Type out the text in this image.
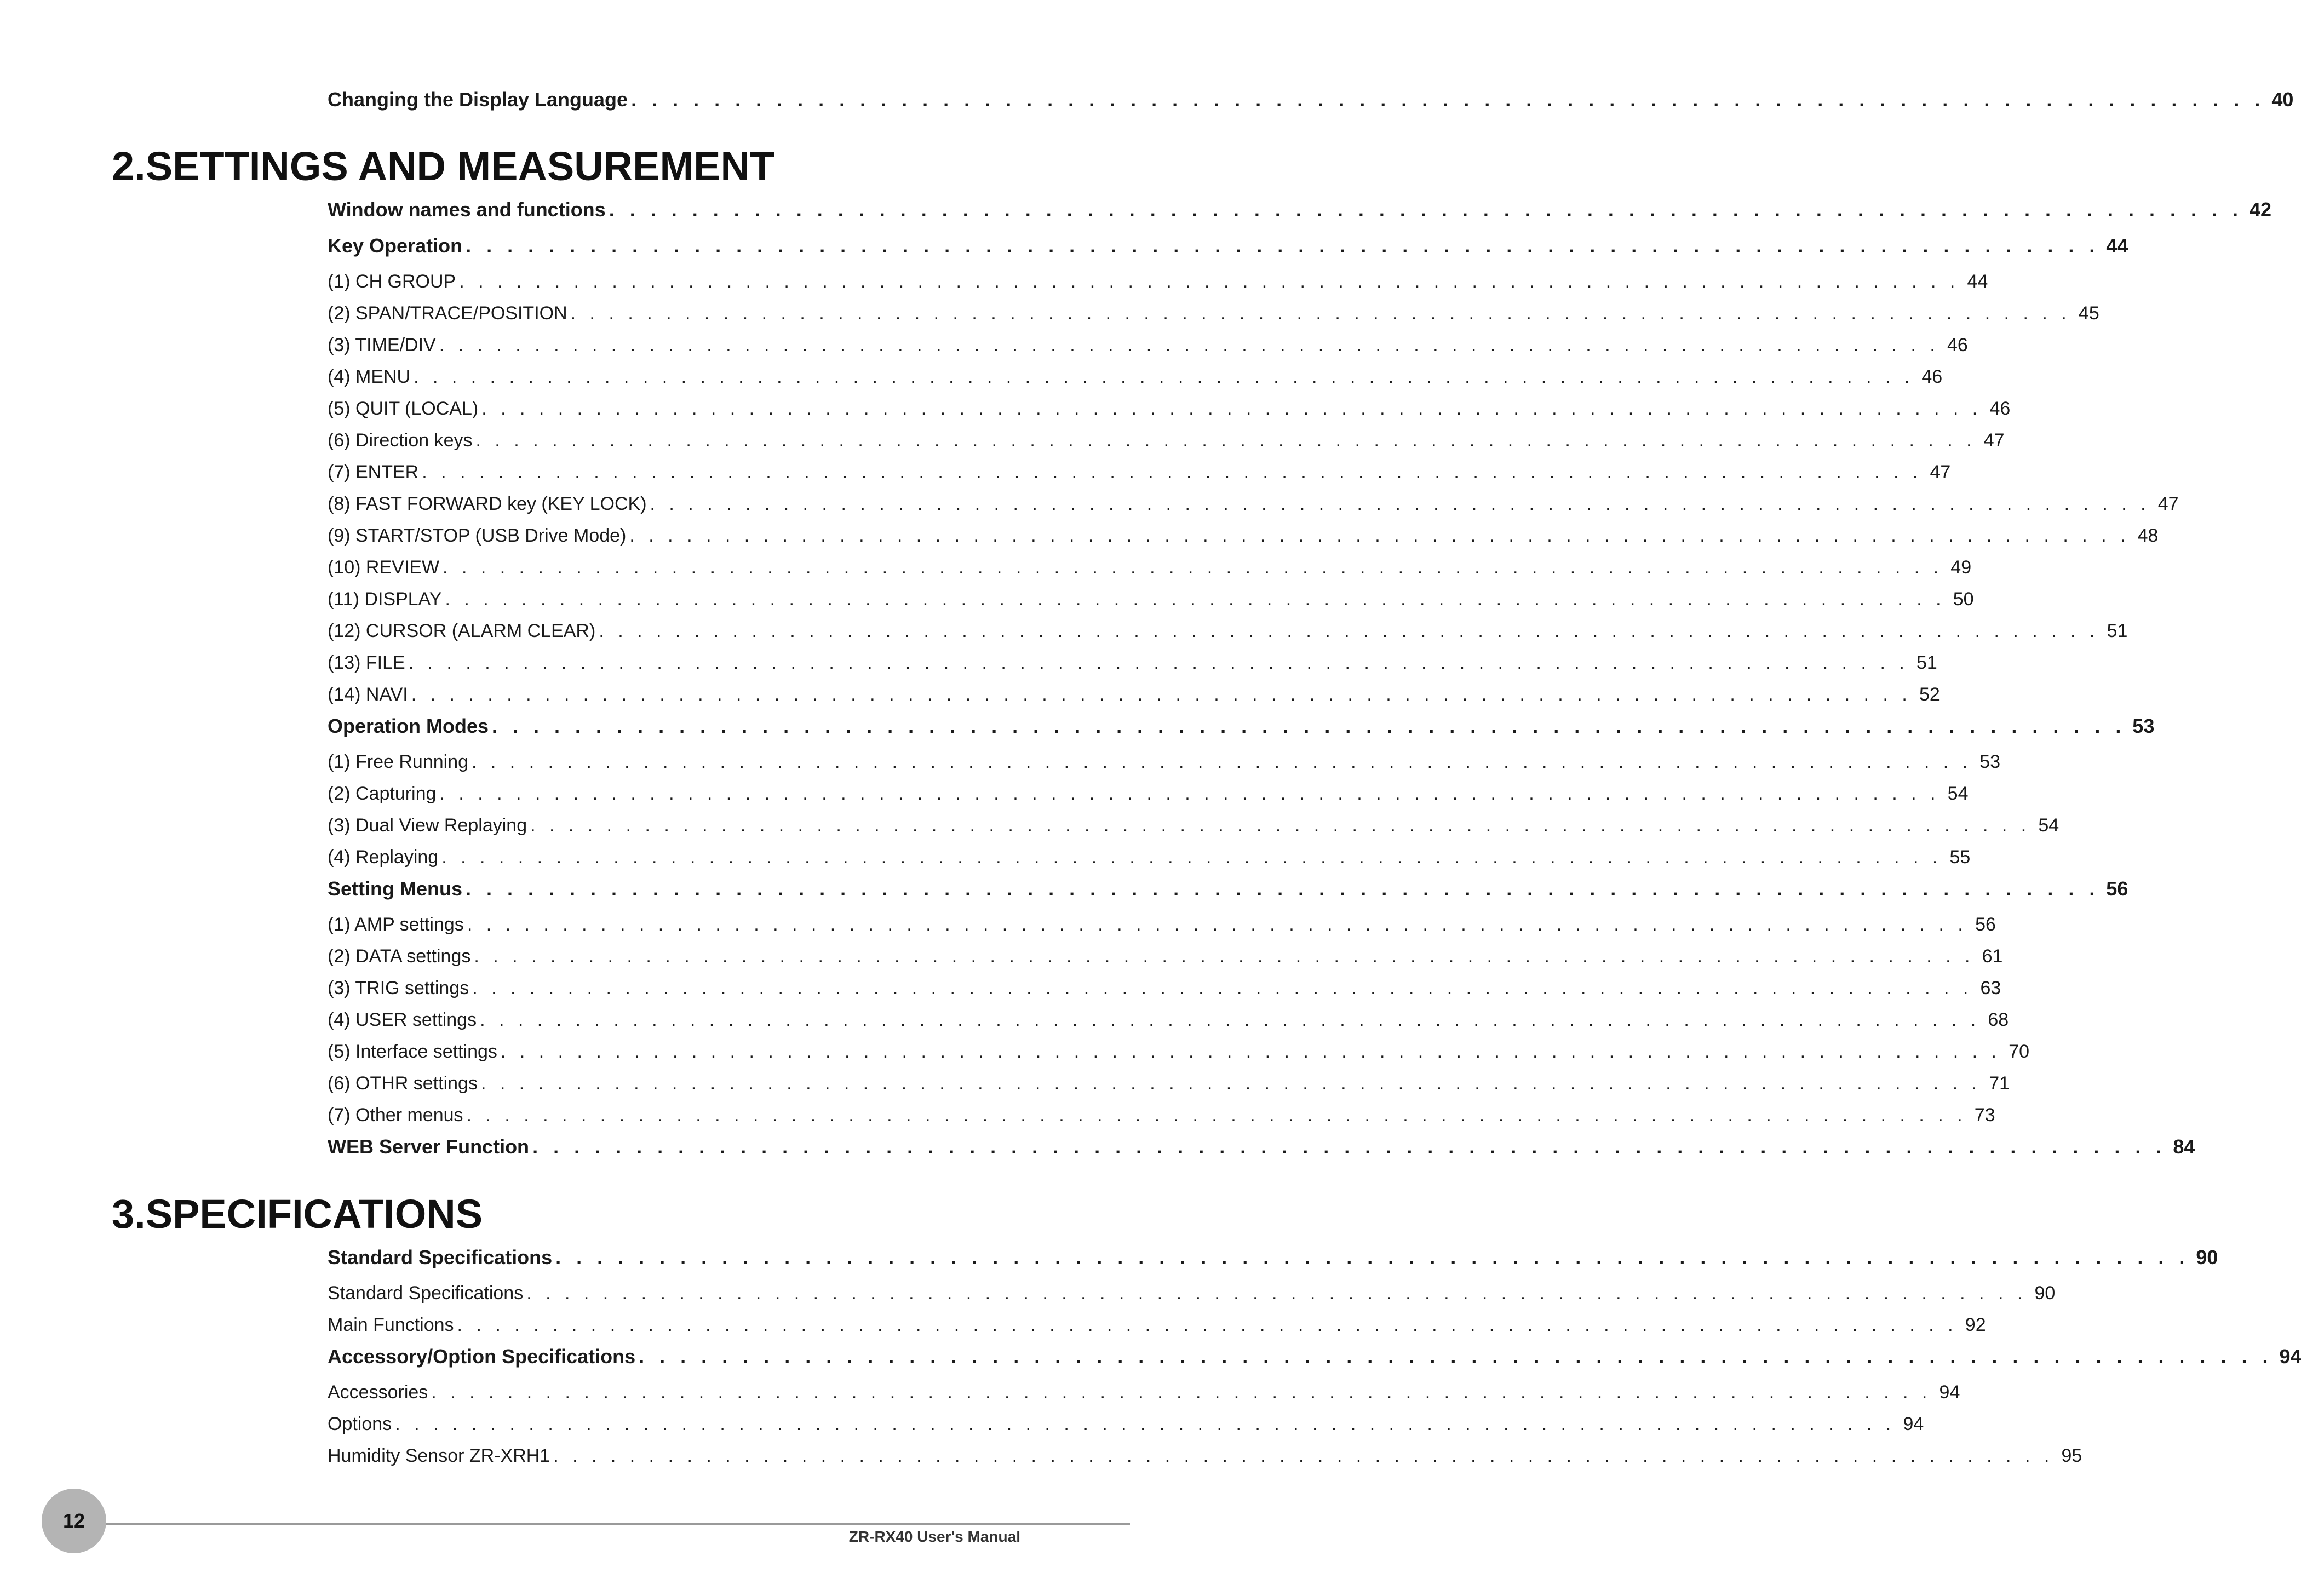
Changing the Display Language . . . . . . . . . . . . . . . . . . . . . . . . . . . . . . . . . . . . . . . . . . . . . . . . . . . . . . . . . . . . . . . . . . . . . . . . . . . . . . . 40
2.SETTINGS AND MEASUREMENT
Window names and functions . . . . . . . . . . . . . . . . . . . . . . . . . . . . . . . . . . . . . . . . . . . . . . . . . . . . . . . . . . . . . . . . . . . . . . . . . . . . . . . 42
Key Operation . . . . . . . . . . . . . . . . . . . . . . . . . . . . . . . . . . . . . . . . . . . . . . . . . . . . . . . . . . . . . . . . . . . . . . . . . . . . . . . 44
(1) CH GROUP . . . . . . . . . . . . . . . . . . . . . . . . . . . . . . . . . . . . . . . . . . . . . . . . . . . . . . . . . . . . . . . . . . . . . . . . . . . . . . . 44
(2) SPAN/TRACE/POSITION . . . . . . . . . . . . . . . . . . . . . . . . . . . . . . . . . . . . . . . . . . . . . . . . . . . . . . . . . . . . . . . . . . . . . . . . . . . . . . . 45
(3) TIME/DIV . . . . . . . . . . . . . . . . . . . . . . . . . . . . . . . . . . . . . . . . . . . . . . . . . . . . . . . . . . . . . . . . . . . . . . . . . . . . . . . 46
(4) MENU . . . . . . . . . . . . . . . . . . . . . . . . . . . . . . . . . . . . . . . . . . . . . . . . . . . . . . . . . . . . . . . . . . . . . . . . . . . . . . . 46
(5) QUIT (LOCAL) . . . . . . . . . . . . . . . . . . . . . . . . . . . . . . . . . . . . . . . . . . . . . . . . . . . . . . . . . . . . . . . . . . . . . . . . . . . . . . . 46
(6) Direction keys . . . . . . . . . . . . . . . . . . . . . . . . . . . . . . . . . . . . . . . . . . . . . . . . . . . . . . . . . . . . . . . . . . . . . . . . . . . . . . . 47
(7) ENTER . . . . . . . . . . . . . . . . . . . . . . . . . . . . . . . . . . . . . . . . . . . . . . . . . . . . . . . . . . . . . . . . . . . . . . . . . . . . . . . 47
(8) FAST FORWARD key (KEY LOCK) . . . . . . . . . . . . . . . . . . . . . . . . . . . . . . . . . . . . . . . . . . . . . . . . . . . . . . . . . . . . . . . . . . . . . . . . . . . . . . . 47
(9) START/STOP (USB Drive Mode) . . . . . . . . . . . . . . . . . . . . . . . . . . . . . . . . . . . . . . . . . . . . . . . . . . . . . . . . . . . . . . . . . . . . . . . . . . . . . . . 48
(10) REVIEW . . . . . . . . . . . . . . . . . . . . . . . . . . . . . . . . . . . . . . . . . . . . . . . . . . . . . . . . . . . . . . . . . . . . . . . . . . . . . . . 49
(11) DISPLAY . . . . . . . . . . . . . . . . . . . . . . . . . . . . . . . . . . . . . . . . . . . . . . . . . . . . . . . . . . . . . . . . . . . . . . . . . . . . . . . 50
(12) CURSOR (ALARM CLEAR) . . . . . . . . . . . . . . . . . . . . . . . . . . . . . . . . . . . . . . . . . . . . . . . . . . . . . . . . . . . . . . . . . . . . . . . . . . . . . . . 51
(13) FILE . . . . . . . . . . . . . . . . . . . . . . . . . . . . . . . . . . . . . . . . . . . . . . . . . . . . . . . . . . . . . . . . . . . . . . . . . . . . . . . 51
(14) NAVI . . . . . . . . . . . . . . . . . . . . . . . . . . . . . . . . . . . . . . . . . . . . . . . . . . . . . . . . . . . . . . . . . . . . . . . . . . . . . . . 52
Operation Modes . . . . . . . . . . . . . . . . . . . . . . . . . . . . . . . . . . . . . . . . . . . . . . . . . . . . . . . . . . . . . . . . . . . . . . . . . . . . . . . 53
(1) Free Running . . . . . . . . . . . . . . . . . . . . . . . . . . . . . . . . . . . . . . . . . . . . . . . . . . . . . . . . . . . . . . . . . . . . . . . . . . . . . . . 53
(2) Capturing . . . . . . . . . . . . . . . . . . . . . . . . . . . . . . . . . . . . . . . . . . . . . . . . . . . . . . . . . . . . . . . . . . . . . . . . . . . . . . . 54
(3) Dual View Replaying . . . . . . . . . . . . . . . . . . . . . . . . . . . . . . . . . . . . . . . . . . . . . . . . . . . . . . . . . . . . . . . . . . . . . . . . . . . . . . . 54
(4) Replaying . . . . . . . . . . . . . . . . . . . . . . . . . . . . . . . . . . . . . . . . . . . . . . . . . . . . . . . . . . . . . . . . . . . . . . . . . . . . . . . 55
Setting Menus . . . . . . . . . . . . . . . . . . . . . . . . . . . . . . . . . . . . . . . . . . . . . . . . . . . . . . . . . . . . . . . . . . . . . . . . . . . . . . . 56
(1) AMP settings . . . . . . . . . . . . . . . . . . . . . . . . . . . . . . . . . . . . . . . . . . . . . . . . . . . . . . . . . . . . . . . . . . . . . . . . . . . . . . . 56
(2) DATA settings . . . . . . . . . . . . . . . . . . . . . . . . . . . . . . . . . . . . . . . . . . . . . . . . . . . . . . . . . . . . . . . . . . . . . . . . . . . . . . . 61
(3) TRIG settings . . . . . . . . . . . . . . . . . . . . . . . . . . . . . . . . . . . . . . . . . . . . . . . . . . . . . . . . . . . . . . . . . . . . . . . . . . . . . . . 63
(4) USER settings . . . . . . . . . . . . . . . . . . . . . . . . . . . . . . . . . . . . . . . . . . . . . . . . . . . . . . . . . . . . . . . . . . . . . . . . . . . . . . . 68
(5) Interface settings . . . . . . . . . . . . . . . . . . . . . . . . . . . . . . . . . . . . . . . . . . . . . . . . . . . . . . . . . . . . . . . . . . . . . . . . . . . . . . . 70
(6) OTHR settings . . . . . . . . . . . . . . . . . . . . . . . . . . . . . . . . . . . . . . . . . . . . . . . . . . . . . . . . . . . . . . . . . . . . . . . . . . . . . . . 71
(7) Other menus . . . . . . . . . . . . . . . . . . . . . . . . . . . . . . . . . . . . . . . . . . . . . . . . . . . . . . . . . . . . . . . . . . . . . . . . . . . . . . . 73
WEB Server Function . . . . . . . . . . . . . . . . . . . . . . . . . . . . . . . . . . . . . . . . . . . . . . . . . . . . . . . . . . . . . . . . . . . . . . . . . . . . . . . 84
3.SPECIFICATIONS
Standard Specifications . . . . . . . . . . . . . . . . . . . . . . . . . . . . . . . . . . . . . . . . . . . . . . . . . . . . . . . . . . . . . . . . . . . . . . . . . . . . . . . 90
Standard Specifications . . . . . . . . . . . . . . . . . . . . . . . . . . . . . . . . . . . . . . . . . . . . . . . . . . . . . . . . . . . . . . . . . . . . . . . . . . . . . . . 90
Main Functions . . . . . . . . . . . . . . . . . . . . . . . . . . . . . . . . . . . . . . . . . . . . . . . . . . . . . . . . . . . . . . . . . . . . . . . . . . . . . . . 92
Accessory/Option Specifications . . . . . . . . . . . . . . . . . . . . . . . . . . . . . . . . . . . . . . . . . . . . . . . . . . . . . . . . . . . . . . . . . . . . . . . . . . . . . . . 94
Accessories . . . . . . . . . . . . . . . . . . . . . . . . . . . . . . . . . . . . . . . . . . . . . . . . . . . . . . . . . . . . . . . . . . . . . . . . . . . . . . . 94
Options . . . . . . . . . . . . . . . . . . . . . . . . . . . . . . . . . . . . . . . . . . . . . . . . . . . . . . . . . . . . . . . . . . . . . . . . . . . . . . . 94
Humidity Sensor ZR-XRH1 . . . . . . . . . . . . . . . . . . . . . . . . . . . . . . . . . . . . . . . . . . . . . . . . . . . . . . . . . . . . . . . . . . . . . . . . . . . . . . . 95
12
ZR-RX40 User's Manual
